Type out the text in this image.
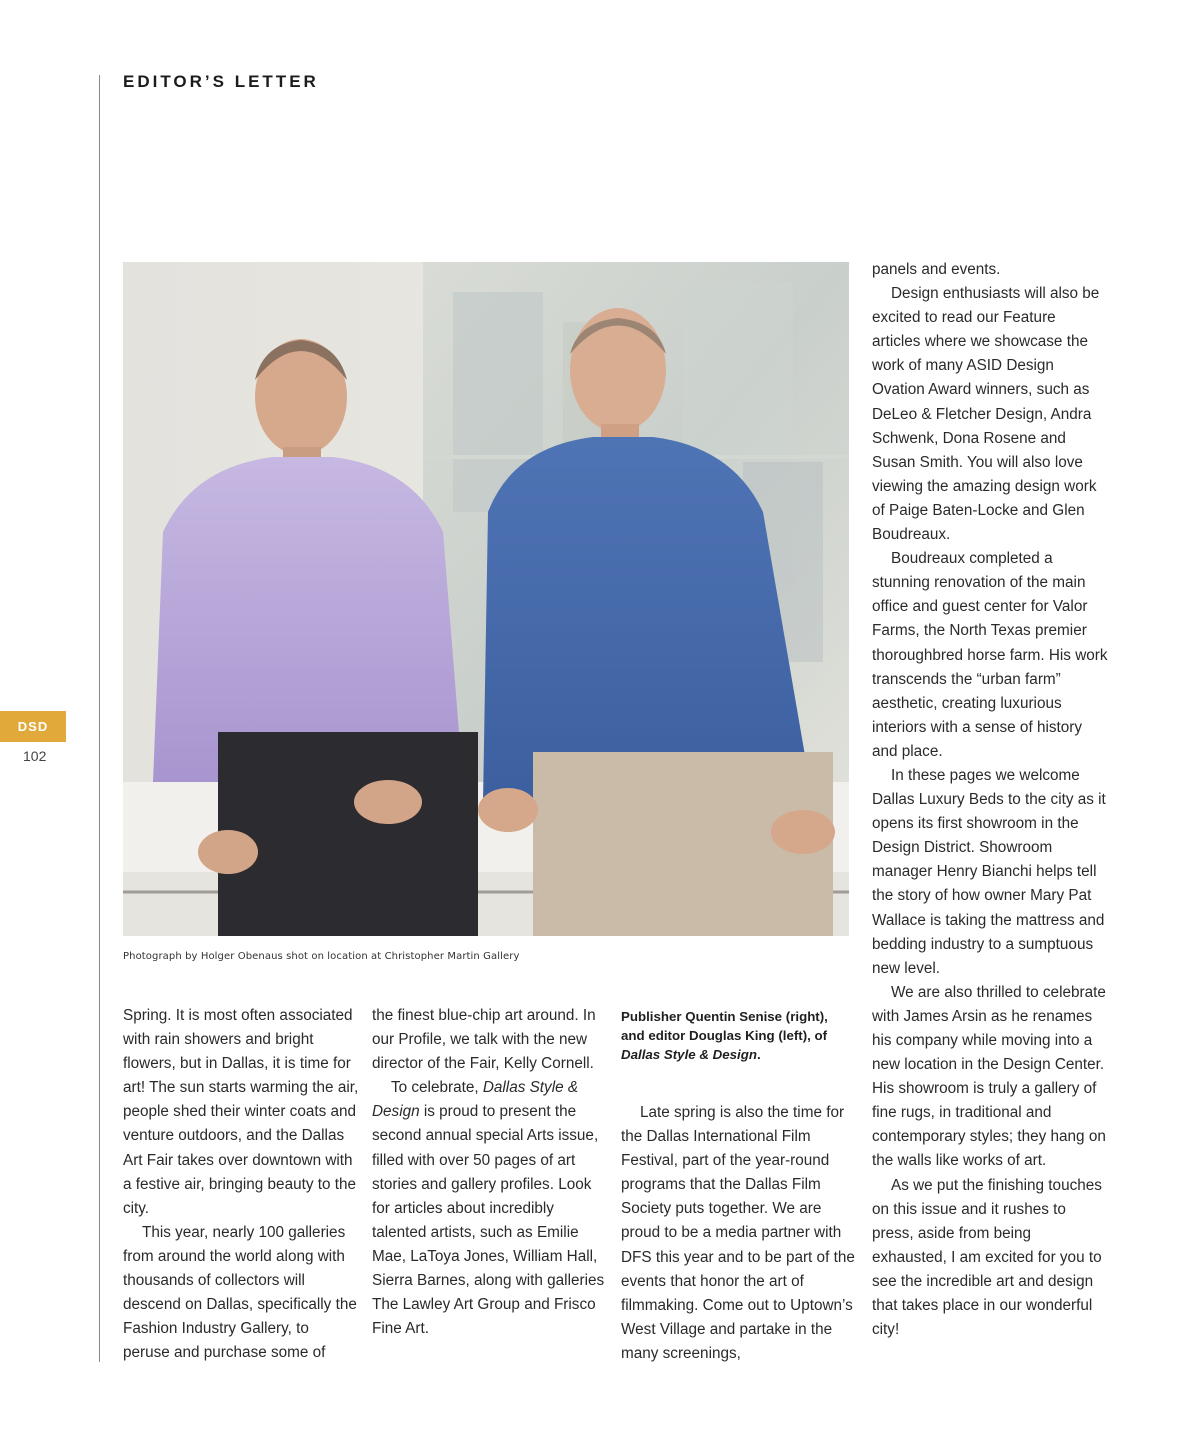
EDITOR’S LETTER
DSD
102
Photograph by Holger Obenaus shot on location at Christopher Martin Gallery
Publisher Quentin Senise (right), and editor Douglas King (left), of Dallas Style & Design.

Spring. It is most often associated with rain showers and bright flowers, but in Dallas, it is time for art! The sun starts warming the air, people shed their winter coats and venture outdoors, and the Dallas Art Fair takes over downtown with a festive air, bringing beauty to the city.

This year, nearly 100 galleries from around the world along with thousands of collectors will descend on Dallas, specifically the Fashion Industry Gallery, to peruse and purchase some of

the finest blue-chip art around. In our Profile, we talk with the new director of the Fair, Kelly Cornell.

To celebrate, Dallas Style & Design is proud to present the second annual special Arts issue, filled with over 50 pages of art stories and gallery profiles. Look for articles about incredibly talented artists, such as Emilie Mae, LaToya Jones, William Hall, Sierra Barnes, along with galleries The Lawley Art Group and Frisco Fine Art.

Late spring is also the time for the Dallas International Film Festival, part of the year-round programs that the Dallas Film Society puts together. We are proud to be a media partner with DFS this year and to be part of the events that honor the art of filmmaking. Come out to Uptown’s West Village and partake in the many screenings,

panels and events.

Design enthusiasts will also be excited to read our Feature articles where we showcase the work of many ASID Design Ovation Award winners, such as DeLeo & Fletcher Design, Andra Schwenk, Dona Rosene and Susan Smith. You will also love viewing the amazing design work of Paige Baten-Locke and Glen Boudreaux.

Boudreaux completed a stunning renovation of the main office and guest center for Valor Farms, the North Texas premier thoroughbred horse farm. His work transcends the “urban farm” aesthetic, creating luxurious interiors with a sense of history and place.

In these pages we welcome Dallas Luxury Beds to the city as it opens its first showroom in the Design District. Showroom manager Henry Bianchi helps tell the story of how owner Mary Pat Wallace is taking the mattress and bedding industry to a sumptuous new level.

We are also thrilled to celebrate with James Arsin as he renames his company while moving into a new location in the Design Center. His showroom is truly a gallery of fine rugs, in traditional and contemporary styles; they hang on the walls like works of art.

As we put the finishing touches on this issue and it rushes to press, aside from being exhausted, I am excited for you to see the incredible art and design that takes place in our wonderful city!
